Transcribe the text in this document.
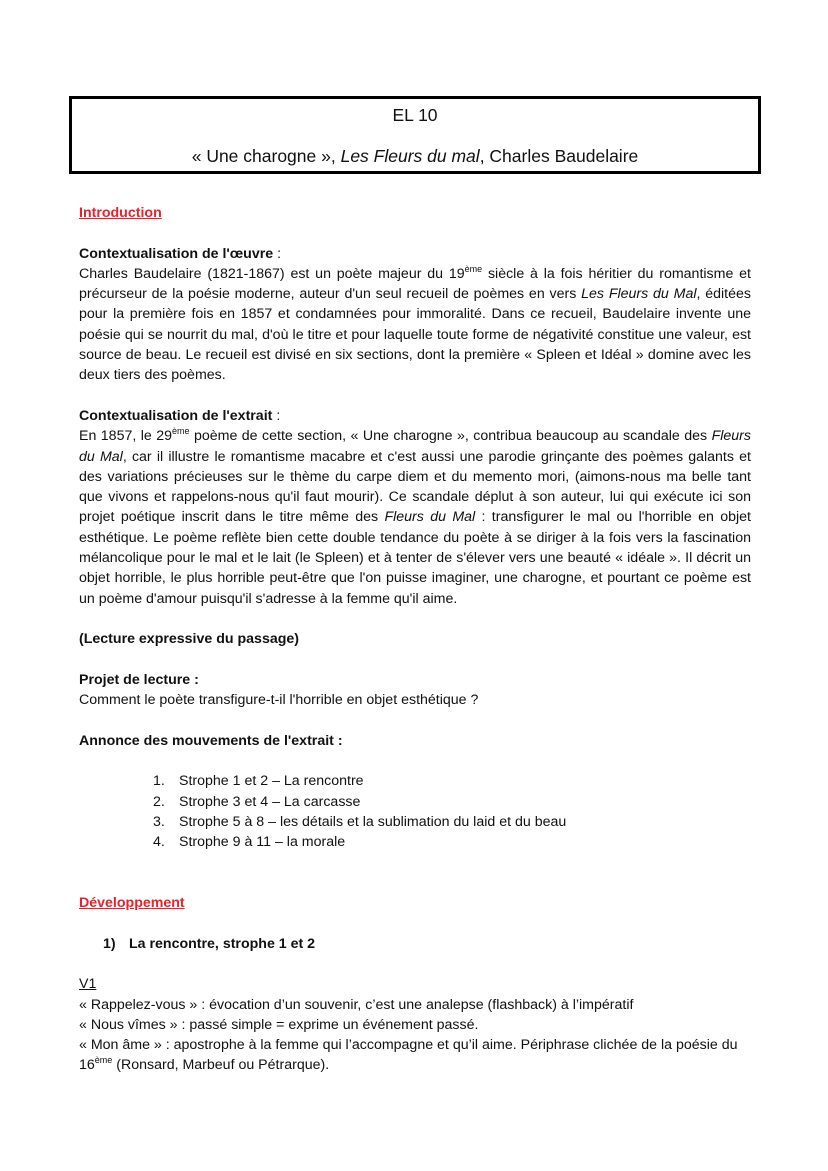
EL 10
« Une charogne », Les Fleurs du mal, Charles Baudelaire
Introduction
Contextualisation de l'œuvre :
Charles Baudelaire (1821-1867) est un poète majeur du 19ème siècle à la fois héritier du romantisme et précurseur de la poésie moderne, auteur d'un seul recueil de poèmes en vers Les Fleurs du Mal, éditées pour la première fois en 1857 et condamnées pour immoralité. Dans ce recueil, Baudelaire invente une poésie qui se nourrit du mal, d'où le titre et pour laquelle toute forme de négativité constitue une valeur, est source de beau. Le recueil est divisé en six sections, dont la première « Spleen et Idéal » domine avec les deux tiers des poèmes.
Contextualisation de l'extrait :
En 1857, le 29ème poème de cette section, « Une charogne », contribua beaucoup au scandale des Fleurs du Mal, car il illustre le romantisme macabre et c'est aussi une parodie grinçante des poèmes galants et des variations précieuses sur le thème du carpe diem et du memento mori, (aimons-nous ma belle tant que vivons et rappelons-nous qu'il faut mourir). Ce scandale déplut à son auteur, lui qui exécute ici son projet poétique inscrit dans le titre même des Fleurs du Mal : transfigurer le mal ou l'horrible en objet esthétique. Le poème reflète bien cette double tendance du poète à se diriger à la fois vers la fascination mélancolique pour le mal et le lait (le Spleen) et à tenter de s'élever vers une beauté « idéale ». Il décrit un objet horrible, le plus horrible peut-être que l'on puisse imaginer, une charogne, et pourtant ce poème est un poème d'amour puisqu'il s'adresse à la femme qu'il aime.
(Lecture expressive du passage)
Projet de lecture :
Comment le poète transfigure-t-il l'horrible en objet esthétique ?
Annonce des mouvements de l'extrait :
1. Strophe 1 et 2 – La rencontre
2. Strophe 3 et 4 – La carcasse
3. Strophe 5 à 8 – les détails et la sublimation du laid et du beau
4. Strophe 9 à 11 – la morale
Développement
1) La rencontre, strophe 1 et 2
V1
« Rappelez-vous » : évocation d’un souvenir, c’est une analepse (flashback) à l’impératif
« Nous vîmes » : passé simple = exprime un événement passé.
« Mon âme » : apostrophe à la femme qui l’accompagne et qu’il aime. Périphrase clichée de la poésie du 16ème (Ronsard, Marbeuf ou Pétrarque).
